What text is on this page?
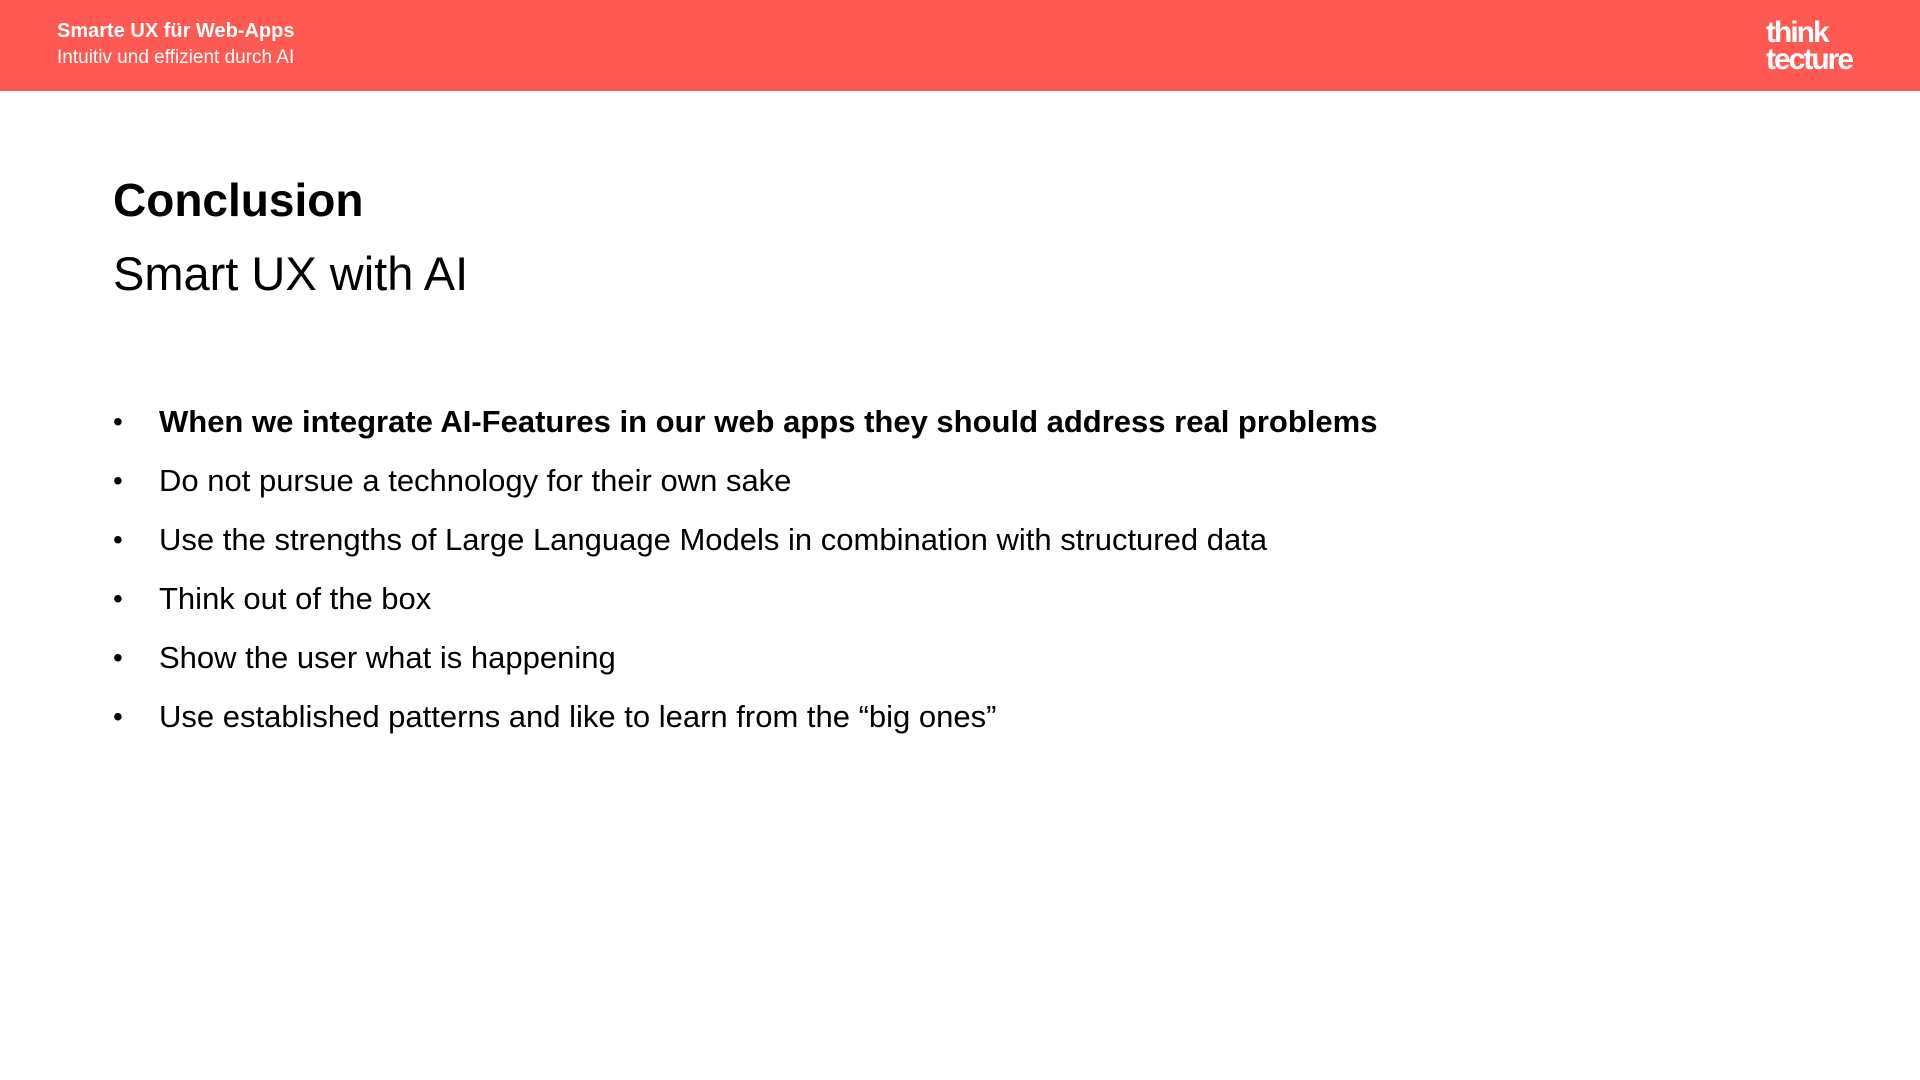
Smarte UX für Web-Apps
Intuitiv und effizient durch AI
think
tecture
Conclusion
Smart UX with AI
• When we integrate AI-Features in our web apps they should address real problems
• Do not pursue a technology for their own sake
• Use the strengths of Large Language Models in combination with structured data
• Think out of the box
• Show the user what is happening
• Use established patterns and like to learn from the “big ones”
